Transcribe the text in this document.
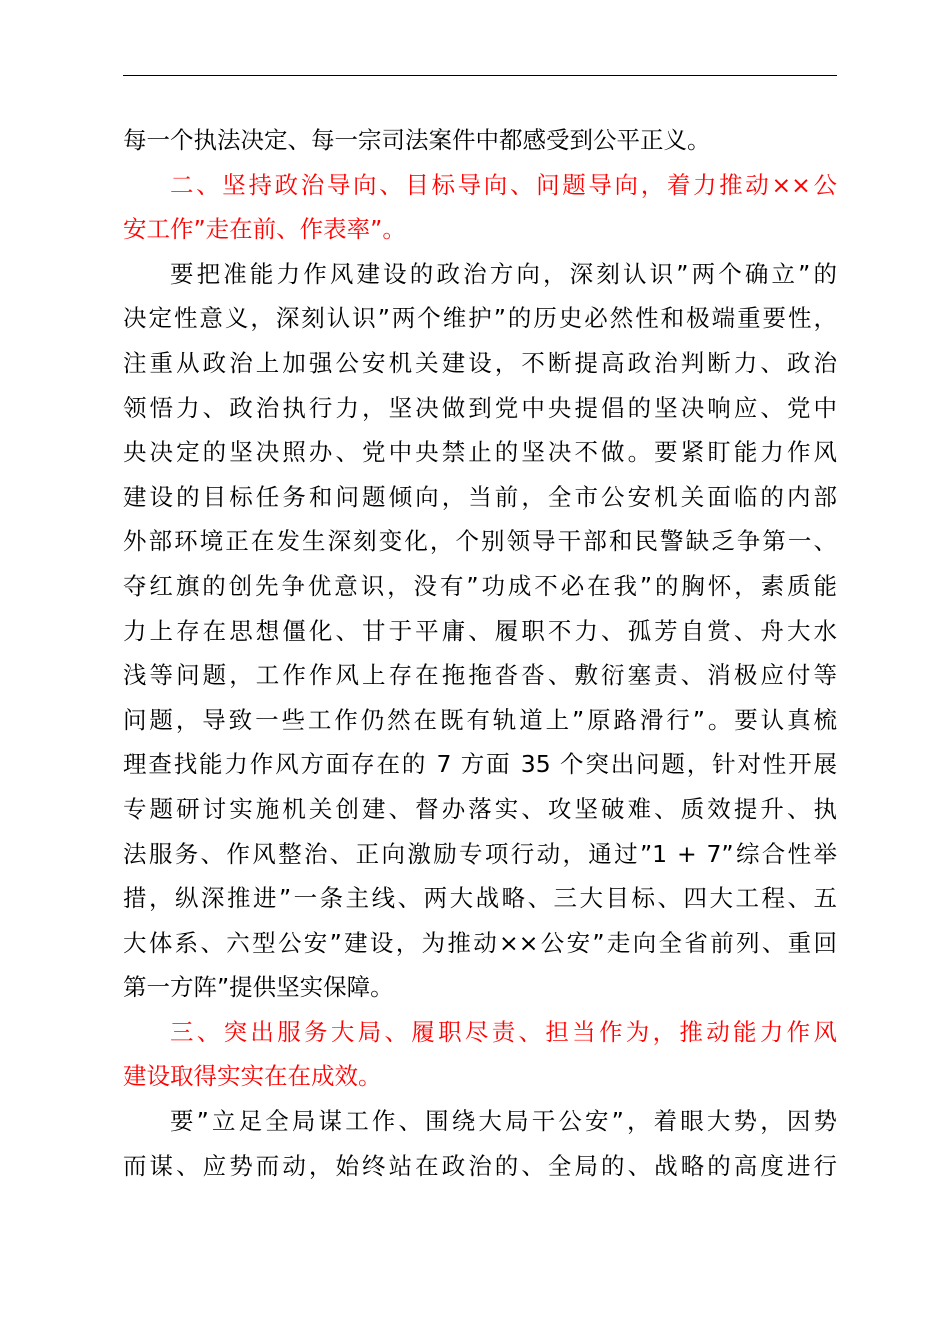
每一个执法决定、每一宗司法案件中都感受到公平正义。

二、坚持政治导向、目标导向、问题导向，着力推动××公
安工作”走在前、作表率”。

要把准能力作风建设的政治方向，深刻认识”两个确立”的
决定性意义，深刻认识”两个维护”的历史必然性和极端重要性，
注重从政治上加强公安机关建设，不断提高政治判断力、政治
领悟力、政治执行力，坚决做到党中央提倡的坚决响应、党中
央决定的坚决照办、党中央禁止的坚决不做。要紧盯能力作风
建设的目标任务和问题倾向，当前，全市公安机关面临的内部
外部环境正在发生深刻变化，个别领导干部和民警缺乏争第一、
夺红旗的创先争优意识，没有”功成不必在我”的胸怀，素质能
力上存在思想僵化、甘于平庸、履职不力、孤芳自赏、舟大水
浅等问题，工作作风上存在拖拖沓沓、敷衍塞责、消极应付等
问题，导致一些工作仍然在既有轨道上”原路滑行”。要认真梳
理查找能力作风方面存在的 7 方面 35 个突出问题，针对性开展
专题研讨实施机关创建、督办落实、攻坚破难、质效提升、执
法服务、作风整治、正向激励专项行动，通过”1 + 7”综合性举
措，纵深推进”一条主线、两大战略、三大目标、四大工程、五
大体系、六型公安”建设，为推动××公安”走向全省前列、重回
第一方阵”提供坚实保障。

三、突出服务大局、履职尽责、担当作为，推动能力作风
建设取得实实在在成效。

要”立足全局谋工作、围绕大局干公安”，着眼大势，因势
而谋、应势而动，始终站在政治的、全局的、战略的高度进行
